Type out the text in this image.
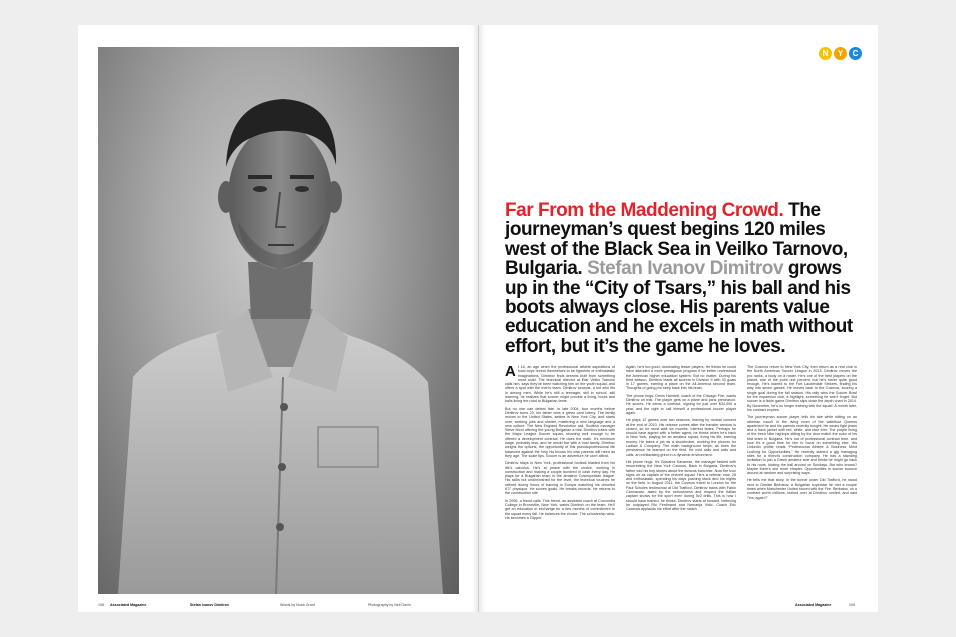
108 Associated Magazine	Stefan Ivanov Dimitrov	Words by Noah Grant	Photography by Neil Gavin
N	Y	C
Far From the Maddening Crowd. The journeyman’s quest begins 120 miles west of the Black Sea in Veilko Tarnovo, Bulgaria. Stefan Ivanov Dimitrov grows up in the “City of Tsars,” his ball and his boots always close. His parents value education and he excels in math without effort, but it’s the game he loves.

At 16, an age when the professional athlete aspirations of local boys reveal themselves to be figments of enthusiastic imaginations, Dimitrov finds dreams built from something more solid. The technical director at Etar Veliko Tarnovo calls him, says they’ve been watching him on the youth squad, and offers a spot with the men’s team. Dimitrov accepts, a kid who fits in among men. While he’s still a teenager, still in school, still learning, he realizes that soccer might provide a living, boots and balls lining the road to Bulgarian fame.

But no one can defeat fate. In late 2004, four months before Dimitrov turns 20, his father wins a green card lottery. The family moves to the United States, settles in New York City, and starts over, seeking jobs and shelter, mastering a new language and a new culture. The New England Revolution call. Scottish manager Steve Nicol offering the young Bulgarian a trial. Dimitrov trains with the Major League Soccer squad, showing well enough to be offered a development contract. He does the math. It’s minimum wage, probably less, and he would live with a host family. Dimitrov weighs the options, the opportunity of this pseudoprofessional life balanced against the help his knows his own parents will need as they age. The scale tips. Soccer is an adventure he can’t afford.

Dimitrov stays in New York, professional football blasted from his life’s calculus. He’s at peace with the choice, working in construction and making a couple hundred in cash every day. He plays for a Bulgarian team in the amateur Cosmopolitan league. His skills but undiminished for the level, the technical touches he refined during hours of training in Europe matching his chiseled 6’1” physique. He scores goals. He breaks records. He returns to the construction site.

In 2006, a friend calls. This friend, an assistant coach at Concordia College in Bronxville, New York, wants Dimitrov on the team. He’ll get an education in exchange for a few months of commitment to the squad every fall. He balances the choice. The scholarship wins. He becomes a Clipper.

Again, he’s too good, dominating lesser players. He thinks he could have attended a more prestigious program if he better understood the American higher education system. But no matter. During his third season, Dimitrov leads all scorers in Division II with 33 goals in 17 games, earning a place on the All-America second team. Thoughts of going pro seep back into his brain.

The phone rings. Denis Hamlett, coach of the Chicago Fire, wants Dimitrov on trial. The player gets on a plane and joins preseason. He scores. He earns a contract, signing for just over $34,000 a year, and the right to call himself a professional soccer player again.

He plays 12 games over two seasons, leaving by mutual consent at the end of 2010. His release comes after the transfer window is closed, so he must wait six months. Interest fades. Perhaps he should have signed with a better agent, he thinks when he’s back in New York, playing for an amateur squad, living his life, earning money. He takes a job as a stockbroker, working the phones for Ladlaw & Company. The math background helps, as does the persistence he learned on the field. He cold calls and calls and calls, an exhilarating grind in a dynamic environment.

His phone rings. It’s Giovanni Savarese, the manager tasked with resurrecting the New York Cosmos. Back in Bulgaria, Dimitrov’s father told his boy stories about the famous franchise. Now the icon signs on as captain of the revived squad. He’s a veteran now, 26 and enthusiastic, spending his days pushing stock and his nights on the field. In August 2011, the Cosmos travel to London for the Paul Scholes testimonial at Old Trafford. Dimitrov trains with Fabio Cannavaro, awed by the seriousness and respect the Italian captain shows for the sport even during 5v2 drills. This is how I should have trained, he thinks. Dimitrov starts at forward, believing he outplayed Rio Ferdinand and Nemanja Vidic. Coach Eric Cantona applauds his effort after the match.

The Cosmos return to New York City, then return as a real club in the North American Soccer League in 2013. Dimitrov moves the pro ranks, a body on a roster. He’s one of the best players on the planet, one of the point one percent, but he’s never quite good enough. He’s loaned to the Fort Lauderdale Strikers, finding his way into seven games. He moves back to the Cosmos, scoring a single goal during the fall season. His rally wins the Soccer Bowl for the expansion club, a highlight, something he won’t forget. But soccer is a fickle game Dimitrov slips down the depth chart in 2014. By November, he’s no longer training with the squad. A month later, his contract expires.

The journeyman soccer player tells his tale while sitting on an ottoman couch in the living room of the walkflour Queens apartment he and his parents recently bought. He wears tight jeans and a track jacket with red, white, and blue trim. The purple lining of the fresh Nike highlops sitting by the door match the color of his first team in Bulgaria. He’s out of professional contract time, and now it’s a good time for him to focus on something else. His LinkedIn profile reads “Professional Athlete & Business Mind Looking for Opportunities.” He recently started a gig managing sites for a friend’s construction company. He has a standing invitation to join a Greek amateur side and thinks he might go back to his roots, kicking the ball around on Sundays. But who knows? Maybe there’s one more chapter. Opportunities in soccer bounce around at random and surprising ways.

He tells me that story. In the tunnel under Old Trafford, he stood next to Dimitar Berbatov, a Bulgarian superstar he met a couple times when Manchester United toured with the Fire. Berbatov, on a contract worth millions, looked over at Dimitrov, smiled, and said “You again?”

Associated Magazine	109
